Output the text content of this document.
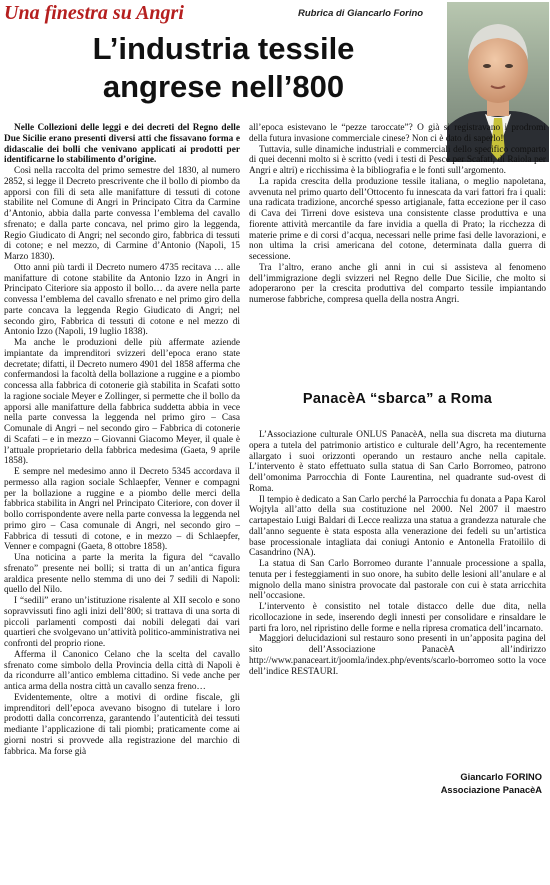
Una finestra su Angri	Rubrica di Giancarlo Forino
L’industria tessile
angrese nell’800

Nelle Collezioni delle leggi e dei decreti del Regno delle Due Sicilie erano presenti diversi atti che fissavano forma e didascalie dei bolli che venivano applicati ai prodotti per identificarne lo stabilimento d’origine.

Così nella raccolta del primo semestre del 1830, al numero 2852, si legge il Decreto prescrivente che il bollo di piombo da apporsi con fili di seta alle manifatture di tessuti di cotone stabilite nel Comune di Angri in Principato Citra da Carmine d’Antonio, abbia dalla parte convessa l’emblema del cavallo sfrenato; e dalla parte concava, nel primo giro la leggenda, Regio Giudicato di Angri; nel secondo giro, fabbrica di tessuti di cotone; e nel mezzo, di Carmine d’Antonio (Napoli, 15 Marzo 1830).

Otto anni più tardi il Decreto numero 4735 recitava … alle manifatture di cotone stabilite da Antonio Izzo in Angri in Principato Citeriore sia apposto il bollo… da avere nella parte convessa l’emblema del cavallo sfrenato e nel primo giro della parte concava la leggenda Regio Giudicato di Angri; nel secondo giro, Fabbrica di tessuti di cotone e nel mezzo di Antonio Izzo (Napoli, 19 luglio 1838).

Ma anche le produzioni delle più affermate aziende impiantate da imprenditori svizzeri dell’epoca erano state decretate; difatti, il Decreto numero 4901 del 1858 afferma che confermandosi la facoltà della bollazione a ruggine e a piombo concessa alla fabbrica di cotonerie già stabilita in Scafati sotto la ragione sociale Meyer e Zollinger, si permette che il bollo da apporsi alle manifatture della fabbrica suddetta abbia in vece nella parte convessa la leggenda nel primo giro – Casa Comunale di Angri – nel secondo giro – Fabbrica di cotonerie di Scafati – e in mezzo – Giovanni Giacomo Meyer, il quale è l’attuale proprietario della fabbrica medesima (Gaeta, 9 aprile 1858).

E sempre nel medesimo anno il Decreto 5345 accordava il permesso alla ragion sociale Schlaepfer, Venner e compagni per la bollazione a ruggine e a piombo delle merci della fabbrica stabilita in Angri nel Principato Citeriore, con dover il bollo corrispondente avere nella parte convessa la leggenda nel primo giro – Casa comunale di Angri, nel secondo giro – Fabbrica di tessuti di cotone, e in mezzo – di Schlaepfer, Venner e compagni (Gaeta, 8 ottobre 1858).

Una noticina a parte la merita la figura del “cavallo sfrenato” presente nei bolli; si tratta di un an’antica figura araldica presente nello stemma di uno dei 7 sedili di Napoli: quello del Nilo.

I “sedili” erano un’istituzione risalente al XII secolo e sono sopravvissuti fino agli inizi dell’800; si trattava di una sorta di piccoli parlamenti composti dai nobili delegati dai vari quartieri che svolgevano un’attività politico-amministrativa nei confronti del proprio rione.

Afferma il Canonico Celano che la scelta del cavallo sfrenato come simbolo della Provincia della città di Napoli è da ricondurre all’antico emblema cittadino. Si vede anche per antica arma della nostra città un cavallo senza freno…

Evidentemente, oltre a motivi di ordine fiscale, gli imprenditori dell’epoca avevano bisogno di tutelare i loro prodotti dalla concorrenza, garantendo l’autenticità dei tessuti mediante l’applicazione di tali piombi; praticamente come ai giorni nostri si provvede alla registrazione del marchio di fabbrica. Ma forse già

all’epoca esistevano le “pezze taroccate”? O già si registravano i prodromi della futura invasione commerciale cinese? Non ci è dato di saperlo!

Tuttavia, sulle dinamiche industriali e commerciali dello specifico comparto di quei decenni molto si è scritto (vedi i testi di Pesce per Scafati, di Raiola per Angri e altri) e ricchissima è la bibliografia e le fonti sull’argomento.

La rapida crescita della produzione tessile italiana, o meglio napoletana, avvenuta nel primo quarto dell’Ottocento fu innescata da vari fattori fra i quali: una radicata tradizione, ancorché spesso artigianale, fatta eccezione per il caso di Cava dei Tirreni dove esisteva una consistente classe produttiva e una fiorente attività mercantile da fare invidia a quella di Prato; la ricchezza di materie prime e di corsi d’acqua, necessari nelle prime fasi delle lavorazioni, e non ultima la crisi americana del cotone, determinata dalla guerra di secessione.

Tra l’altro, erano anche gli anni in cui si assisteva al fenomeno dell’immigrazione degli svizzeri nel Regno delle Due Sicilie, che molto si adoperarono per la crescita produttiva del comparto tessile impiantando numerose fabbriche, compresa quella della nostra Angri.

PanacèA “sbarca” a Roma

L’Associazione culturale ONLUS PanacèA, nella sua discreta ma diuturna opera a tutela del patrimonio artistico e culturale dell’Agro, ha recentemente allargato i suoi orizzonti operando un restauro anche nella capitale. L’intervento è stato effettuato sulla statua di San Carlo Borromeo, patrono dell’omonima Parrocchia di Fonte Laurentina, nel quadrante sud-ovest di Roma.

Il tempio è dedicato a San Carlo perché la Parrocchia fu donata a Papa Karol Wojtyla all’atto della sua costituzione nel 2000. Nel 2007 il maestro cartapestaio Luigi Baldari di Lecce realizza una statua a grandezza naturale che dall’anno seguente è stata esposta alla venerazione dei fedeli su un’artistica base processionale intagliata dai coniugi Antonio e Antonella Fratoililo di Casandrino (NA).

La statua di San Carlo Borromeo durante l’annuale processione a spalla, tenuta per i festeggiamenti in suo onore, ha subito delle lesioni all’anulare e al mignolo della mano sinistra provocate dal pastorale con cui è stata arricchita nell’occasione.

L’intervento è consistito nel totale distacco delle due dita, nella ricollocazione in sede, inserendo degli innesti per consolidare e rinsaldare le parti fra loro, nel ripristino delle forme e nella ripresa cromatica dell’incarnato.

Maggiori delucidazioni sul restauro sono presenti in un’apposita pagina del sito dell’Associazione PanacèA all’indirizzo http://www.panaceart.it/joomla/index.php/events/scarlo-borromeo sotto la voce dell’indice RESTAURI.

Giancarlo FORINO
Associazione PanacèA
